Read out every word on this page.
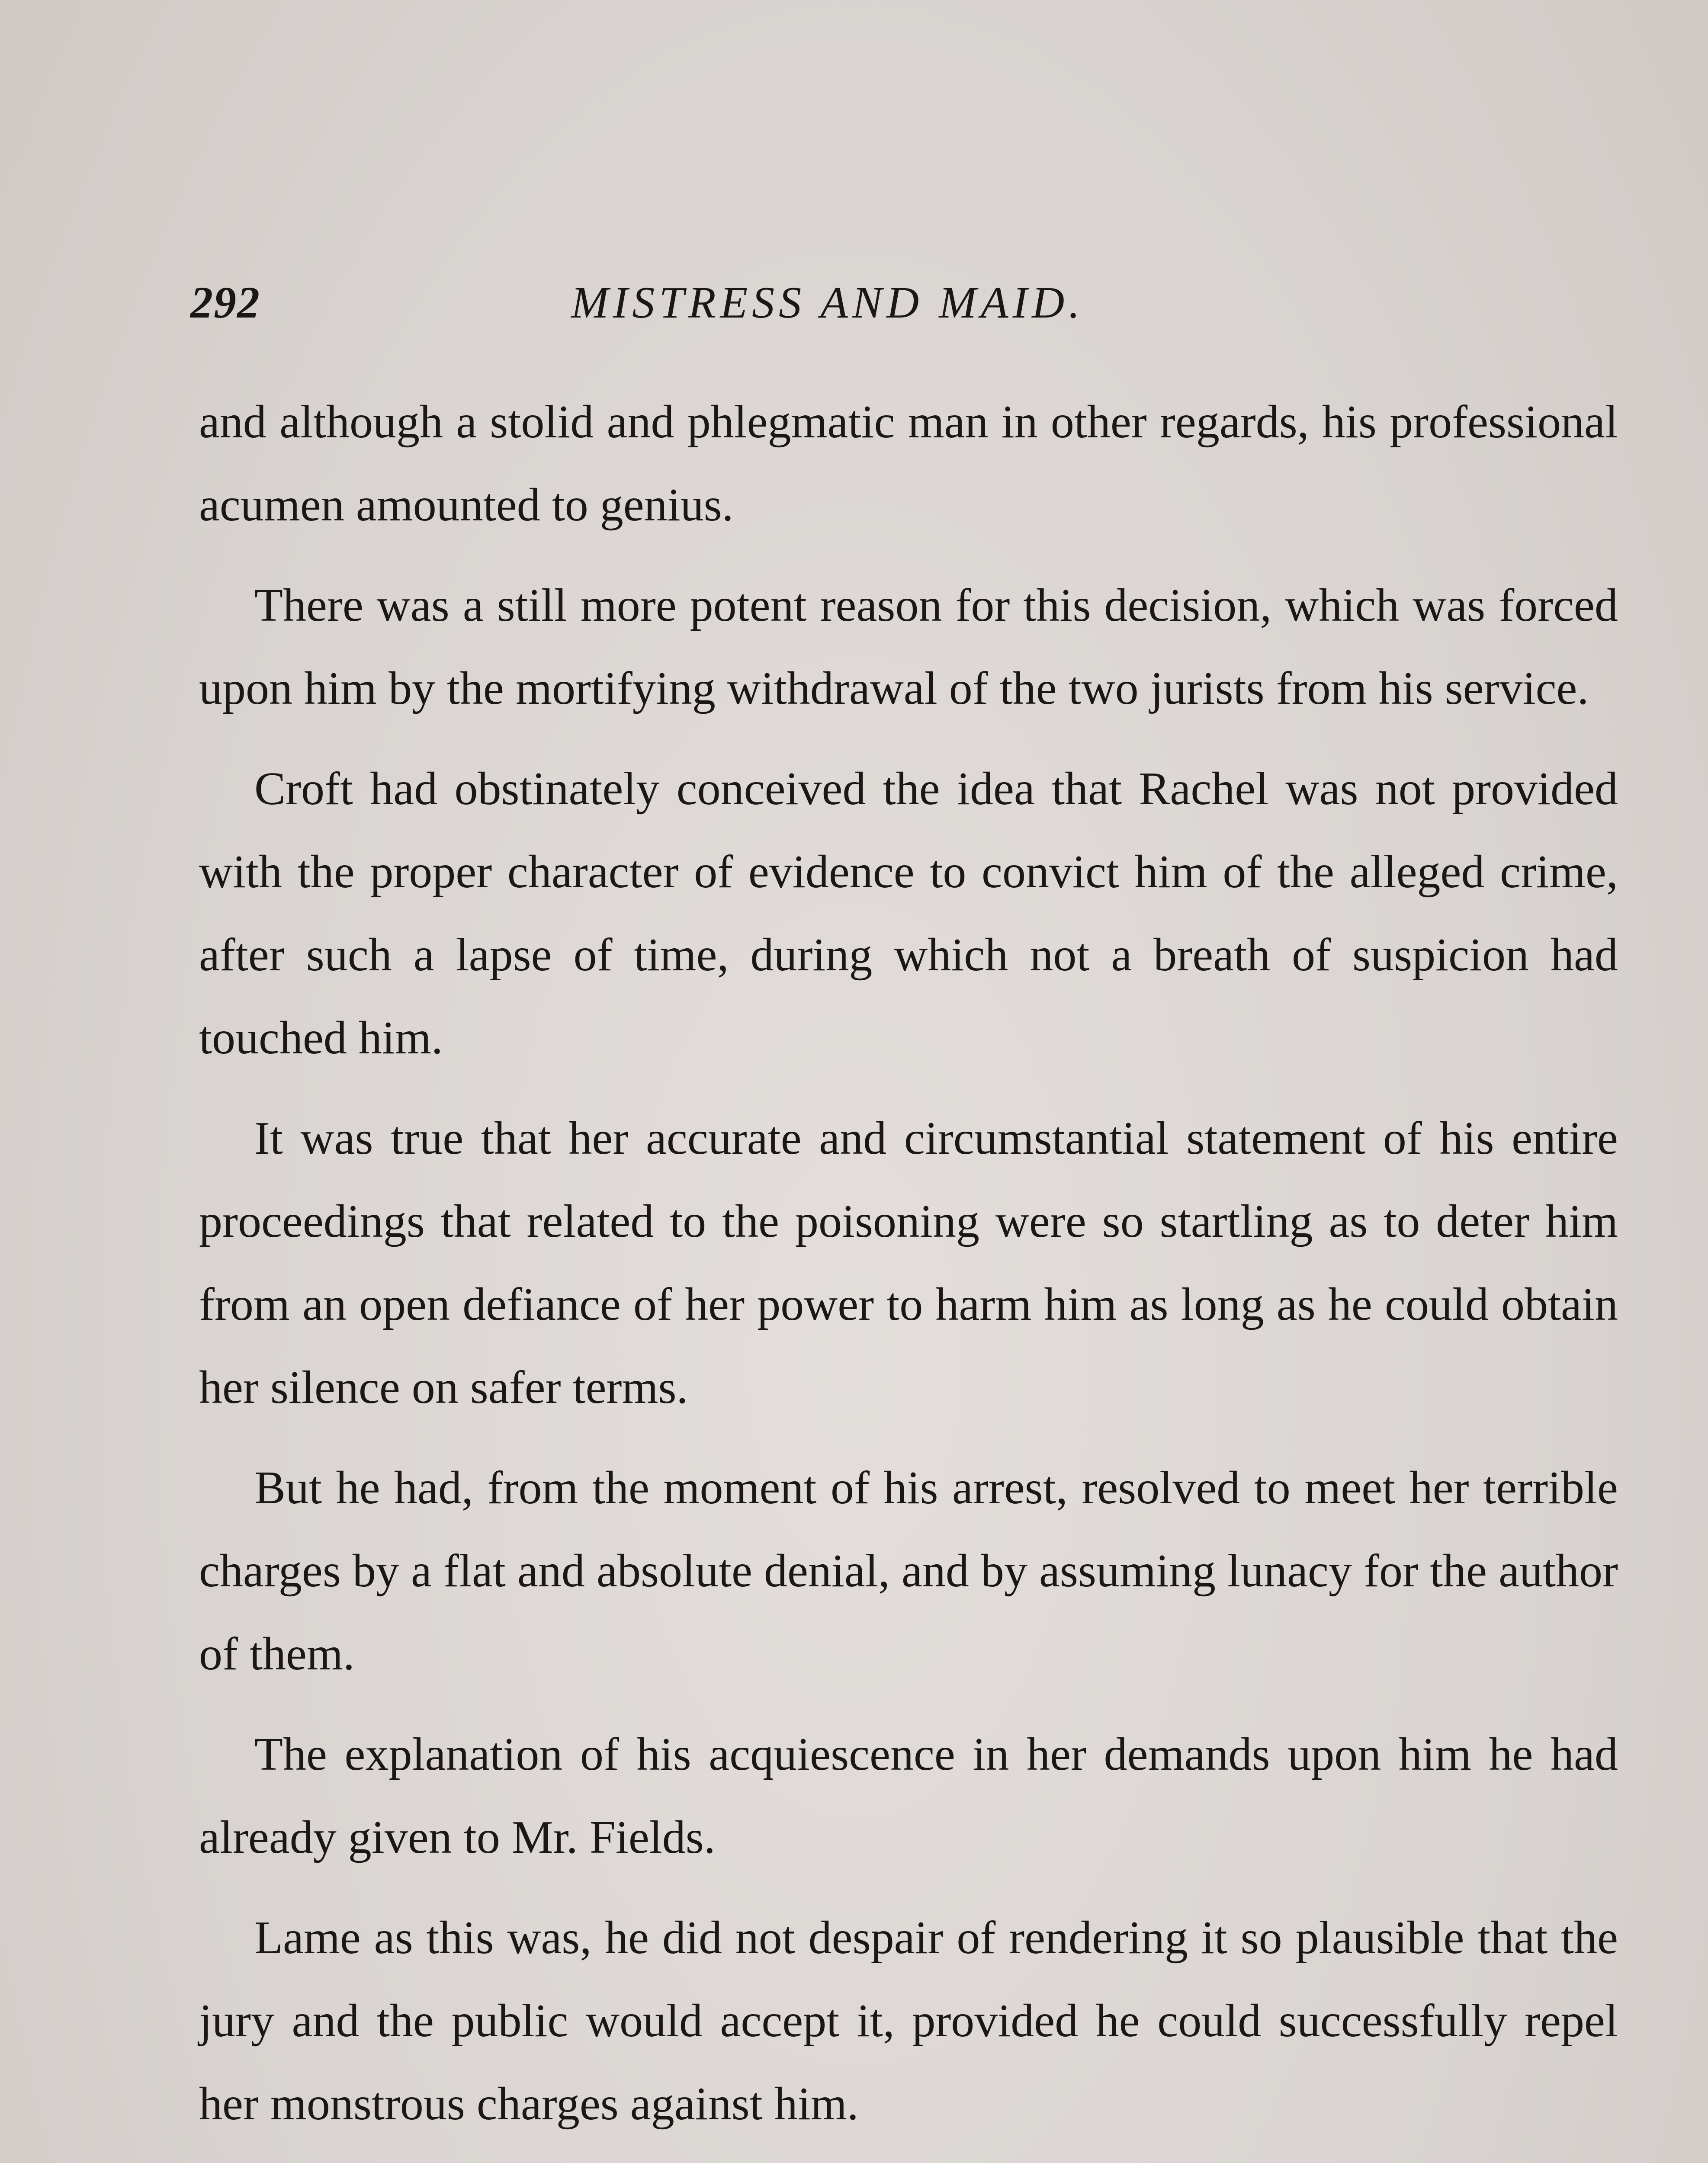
292	MISTRESS AND MAID.

and although a stolid and phlegmatic man in other regards, his professional acumen amounted to genius.

There was a still more potent reason for this decision, which was forced upon him by the mortifying withdrawal of the two jurists from his service.

Croft had obstinately conceived the idea that Rachel was not provided with the proper character of evidence to convict him of the alleged crime, after such a lapse of time, during which not a breath of suspicion had touched him.

It was true that her accurate and circumstantial statement of his entire proceedings that related to the poisoning were so startling as to deter him from an open defiance of her power to harm him as long as he could obtain her silence on safer terms.

But he had, from the moment of his arrest, resolved to meet her terrible charges by a flat and absolute denial, and by assuming lunacy for the author of them.

The explanation of his acquiescence in her demands upon him he had already given to Mr. Fields.

Lame as this was, he did not despair of rendering it so plausible that the jury and the public would accept it, provided he could successfully repel her monstrous charges against him.
